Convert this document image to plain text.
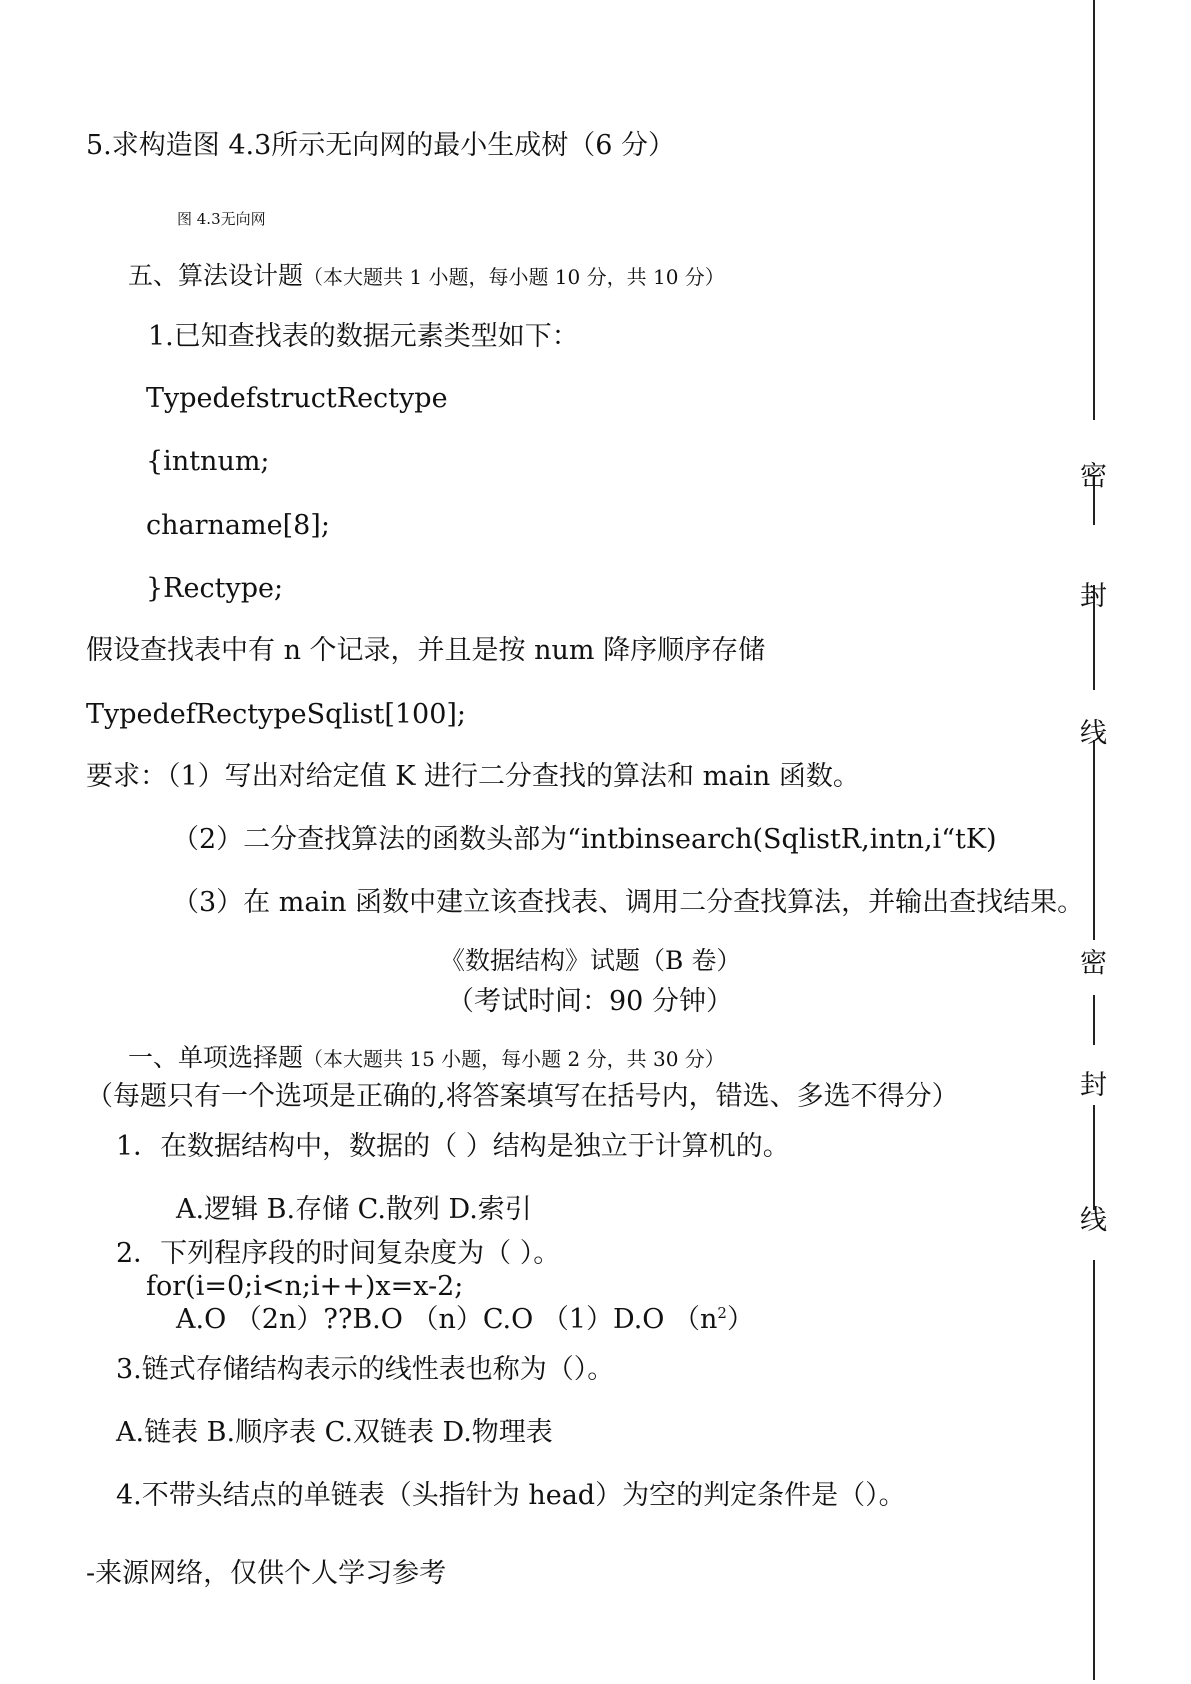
密
封
线
密
封
线
5.求构造图 4.3所示无向网的最小生成树（6 分）
图 4.3无向网
五、算法设计题（本大题共 1 小题，每小题 10 分，共 10 分）
1.已知查找表的数据元素类型如下：
TypedefstructRectype
{intnum;
charname[8];
}Rectype;
假设查找表中有 n 个记录，并且是按 num 降序顺序存储
TypedefRectypeSqlist[100];
要求：（1）写出对给定值 K 进行二分查找的算法和 main 函数。
（2）二分查找算法的函数头部为“intbinsearch(SqlistR,intn,i“tK)
（3）在 main 函数中建立该查找表、调用二分查找算法，并输出查找结果。
《数据结构》试题（B 卷）
（考试时间：90 分钟）
一、单项选择题（本大题共 15 小题，每小题 2 分，共 30 分）
（每题只有一个选项是正确的,将答案填写在括号内，错选、多选不得分）
1．在数据结构中，数据的（ ）结构是独立于计算机的。
A.逻辑 B.存储 C.散列 D.索引
2．下列程序段的时间复杂度为（ ）。
for(i=0;i<n;i++)x=x-2;
A.O （2n）??B.O （n）C.O （1）D.O $(n^2)$
3.链式存储结构表示的线性表也称为（）。
A.链表 B.顺序表 C.双链表 D.物理表
4.不带头结点的单链表（头指针为 head）为空的判定条件是（）。
-来源网络，仅供个人学习参考
